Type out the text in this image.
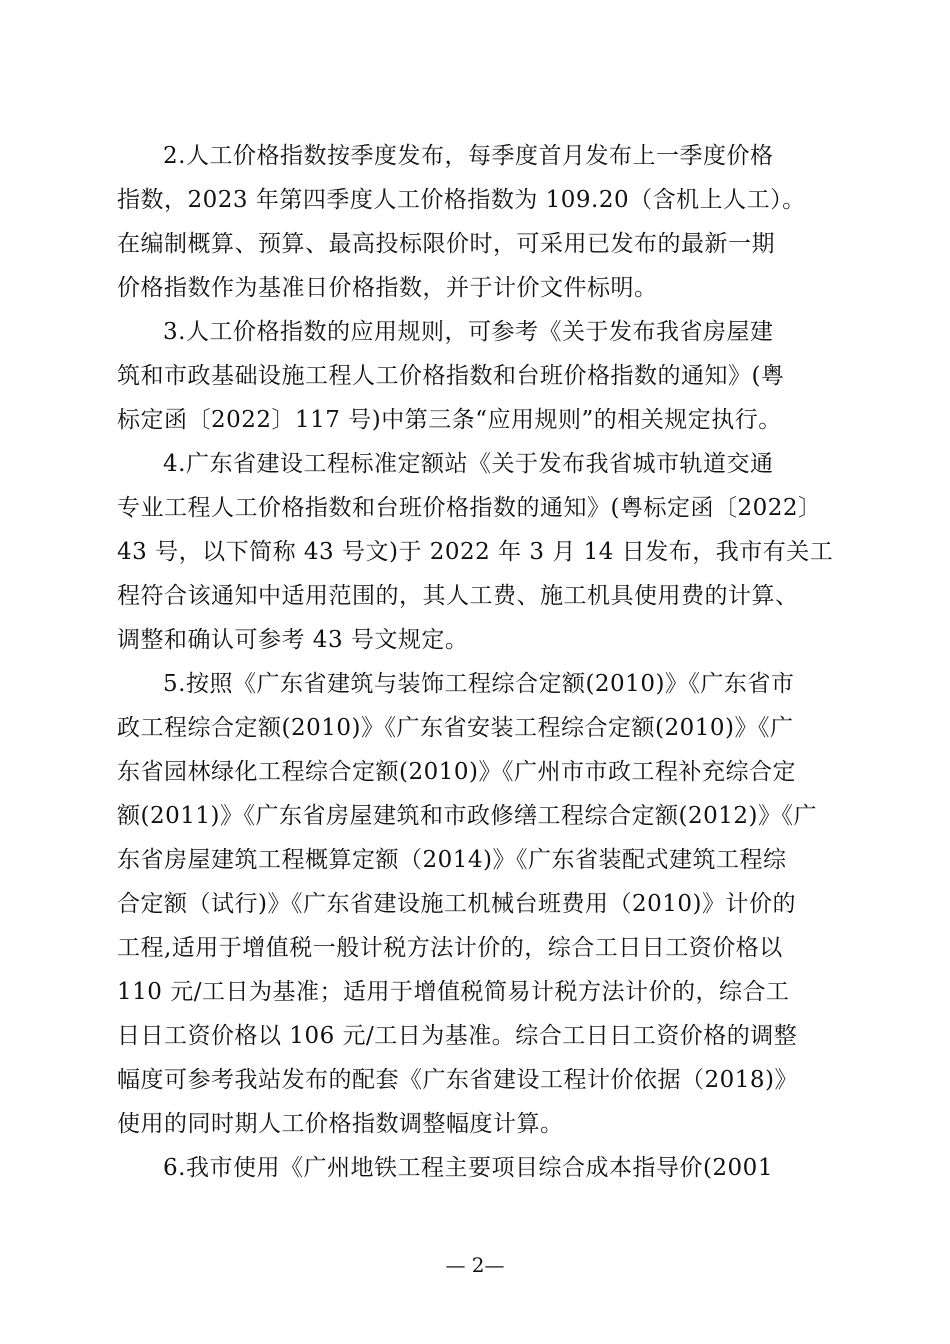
2.人工价格指数按季度发布，每季度首月发布上一季度价格
指数，2023 年第四季度人工价格指数为 109.20（含机上人工）。
在编制概算、预算、最高投标限价时，可采用已发布的最新一期
价格指数作为基准日价格指数，并于计价文件标明。
3.人工价格指数的应用规则，可参考《关于发布我省房屋建
筑和市政基础设施工程人工价格指数和台班价格指数的通知》(粤
标定函〔2022〕117 号)中第三条“应用规则”的相关规定执行。
4.广东省建设工程标准定额站《关于发布我省城市轨道交通
专业工程人工价格指数和台班价格指数的通知》(粤标定函〔2022〕
43 号，以下简称 43 号文)于 2022 年 3 月 14 日发布，我市有关工
程符合该通知中适用范围的，其人工费、施工机具使用费的计算、
调整和确认可参考 43 号文规定。
5.按照《广东省建筑与装饰工程综合定额(2010)》《广东省市
政工程综合定额(2010)》《广东省安装工程综合定额(2010)》《广
东省园林绿化工程综合定额(2010)》《广州市市政工程补充综合定
额(2011)》《广东省房屋建筑和市政修缮工程综合定额(2012)》《广
东省房屋建筑工程概算定额（2014)》《广东省装配式建筑工程综
合定额（试行)》《广东省建设施工机械台班费用（2010)》计价的
工程,适用于增值税一般计税方法计价的，综合工日日工资价格以
110 元/工日为基准；适用于增值税简易计税方法计价的，综合工
日日工资价格以 106 元/工日为基准。综合工日日工资价格的调整
幅度可参考我站发布的配套《广东省建设工程计价依据（2018)》
使用的同时期人工价格指数调整幅度计算。
6.我市使用《广州地铁工程主要项目综合成本指导价(2001
— 2—
